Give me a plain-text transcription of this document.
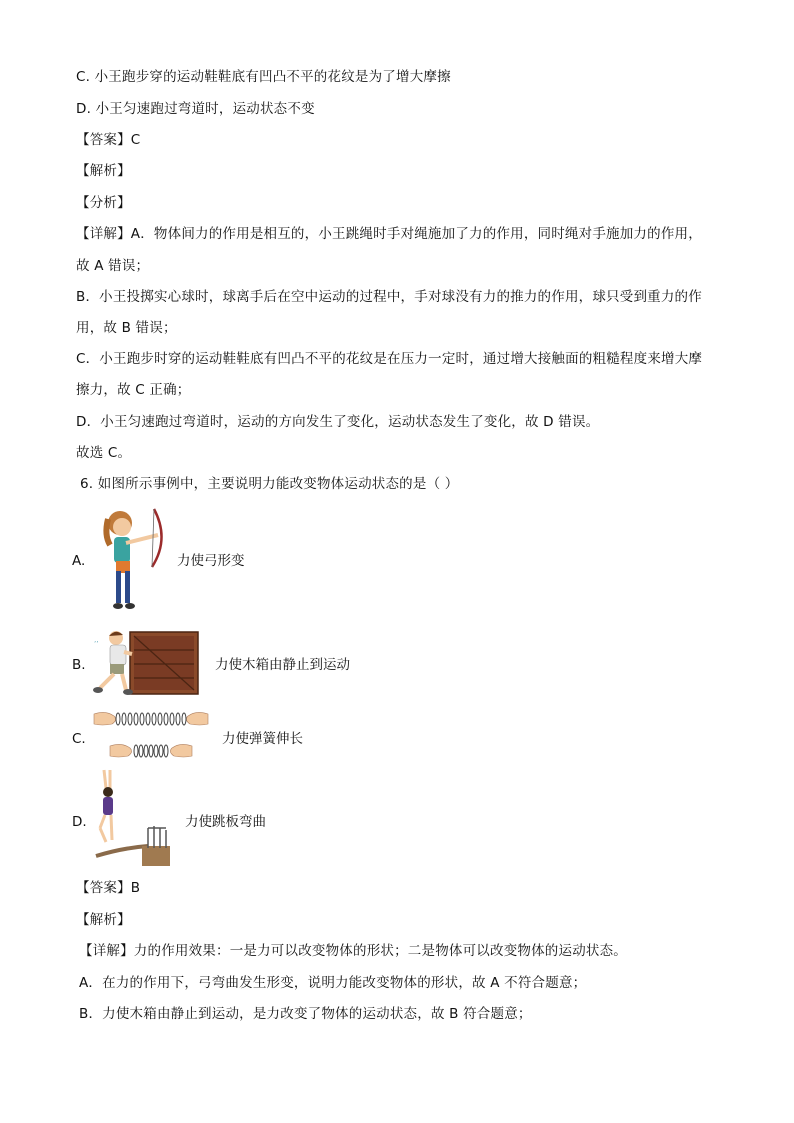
C. 小王跑步穿的运动鞋鞋底有凹凸不平的花纹是为了增大摩擦
D. 小王匀速跑过弯道时，运动状态不变
【答案】C
【解析】
【分析】
【详解】A．物体间力的作用是相互的，小王跳绳时手对绳施加了力的作用，同时绳对手施加力的作用，
故 A 错误；
B．小王投掷实心球时，球离手后在空中运动的过程中，手对球没有力的推力的作用，球只受到重力的作
用，故 B 错误；
C．小王跑步时穿的运动鞋鞋底有凹凸不平的花纹是在压力一定时，通过增大接触面的粗糙程度来增大摩
擦力，故 C 正确；
D．小王匀速跑过弯道时，运动的方向发生了变化，运动状态发生了变化，故 D 错误。
故选 C。
6. 如图所示事例中，主要说明力能改变物体运动状态的是（ ）
A.	力使弓形变
B.
’’
力使木箱由静止到运动
C.	力使弹簧伸长
D.	力使跳板弯曲
【答案】B
【解析】
【详解】力的作用效果：一是力可以改变物体的形状；二是物体可以改变物体的运动状态。
A．在力的作用下，弓弯曲发生形变，说明力能改变物体的形状，故 A 不符合题意；
B．力使木箱由静止到运动，是力改变了物体的运动状态，故 B 符合题意；
